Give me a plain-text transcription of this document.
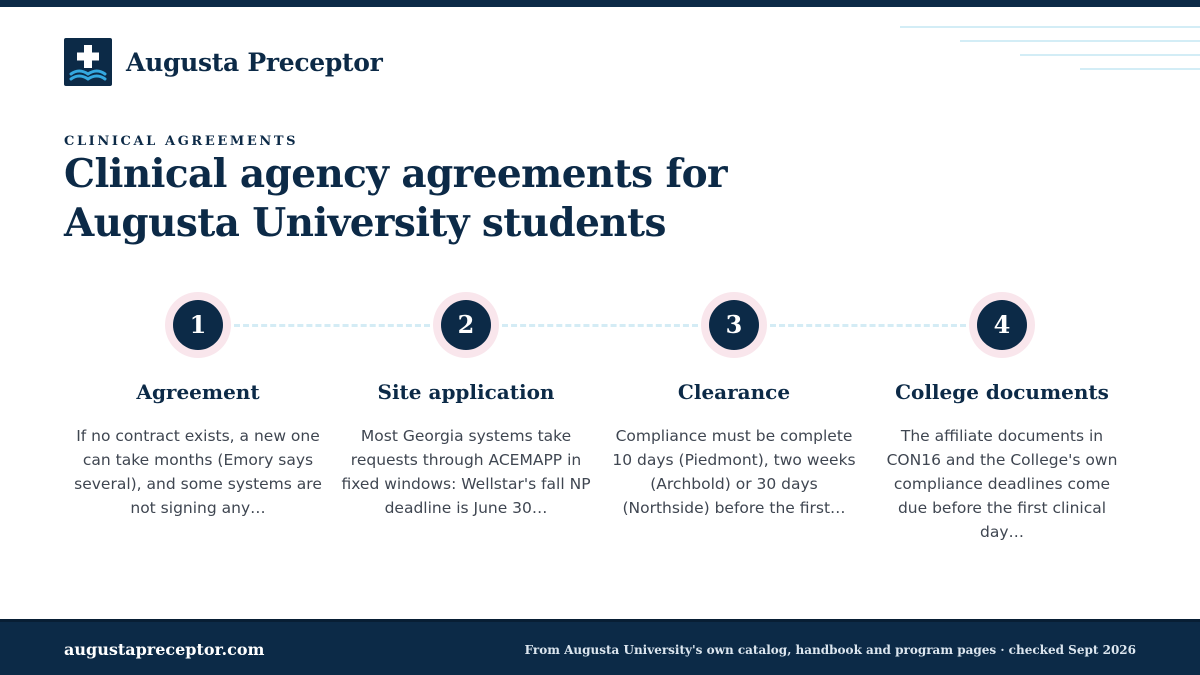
Augusta Preceptor
CLINICAL AGREEMENTS
Clinical agency agreements for Augusta University students
1
Agreement
If no contract exists, a new one can take months (Emory says several), and some systems are not signing any…
2
Site application
Most Georgia systems take requests through ACEMAPP in fixed windows: Wellstar's fall NP deadline is June 30…
3
Clearance
Compliance must be complete 10 days (Piedmont), two weeks (Archbold) or 30 days (Northside) before the first…
4
College documents
The affiliate documents in CON16 and the College's own compliance deadlines come due before the first clinical day…
augustapreceptor.com	From Augusta University's own catalog, handbook and program pages · checked Sept 2026
